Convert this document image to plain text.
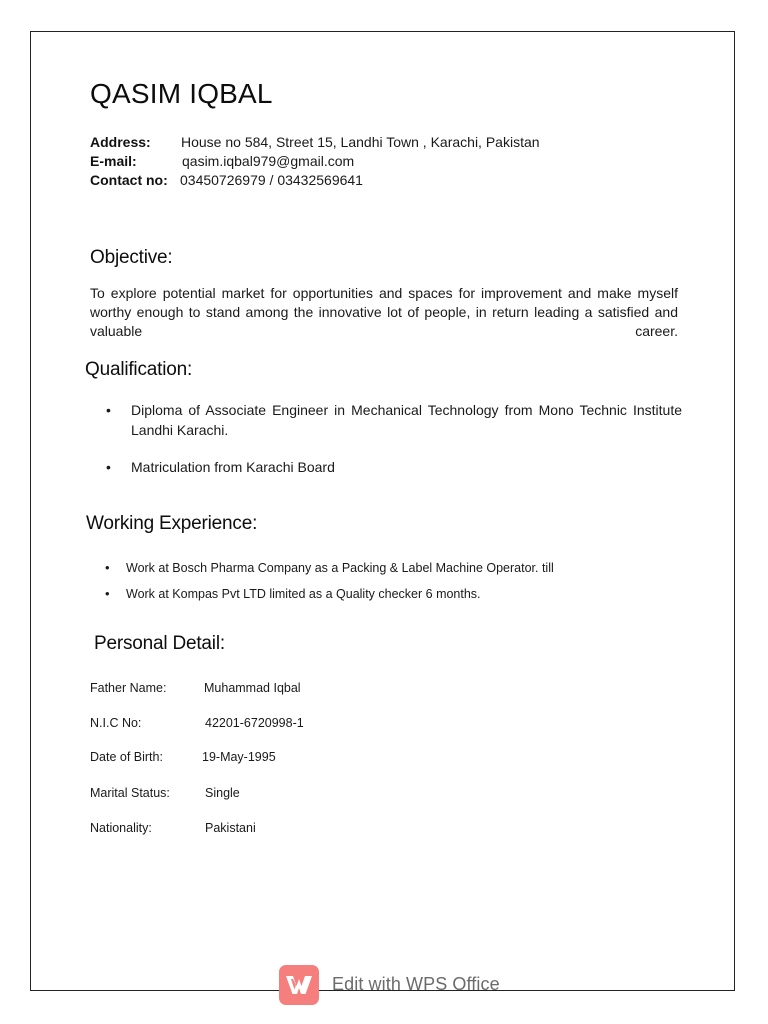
QASIM IQBAL
Address: House no 584, Street 15, Landhi Town , Karachi, Pakistan
E-mail:	qasim.iqbal979@gmail.com
Contact no: 03450726979 / 03432569641
Objective:
To explore potential market for opportunities and spaces for improvement and make myself worthy enough to stand among the innovative lot of people, in return leading a satisfied and valuable career.
Qualification:
• Diploma of Associate Engineer in Mechanical Technology from Mono Technic Institute Landhi Karachi.
• Matriculation from Karachi Board
Working Experience:
• Work at Bosch Pharma Company as a Packing & Label Machine Operator. till
• Work at Kompas Pvt LTD limited as a Quality checker 6 months.
Personal Detail:
Father Name:	Muhammad Iqbal
N.I.C No:	42201-6720998-1
Date of Birth:	19-May-1995
Marital Status:	Single
Nationality:	Pakistani
Edit with WPS Office
